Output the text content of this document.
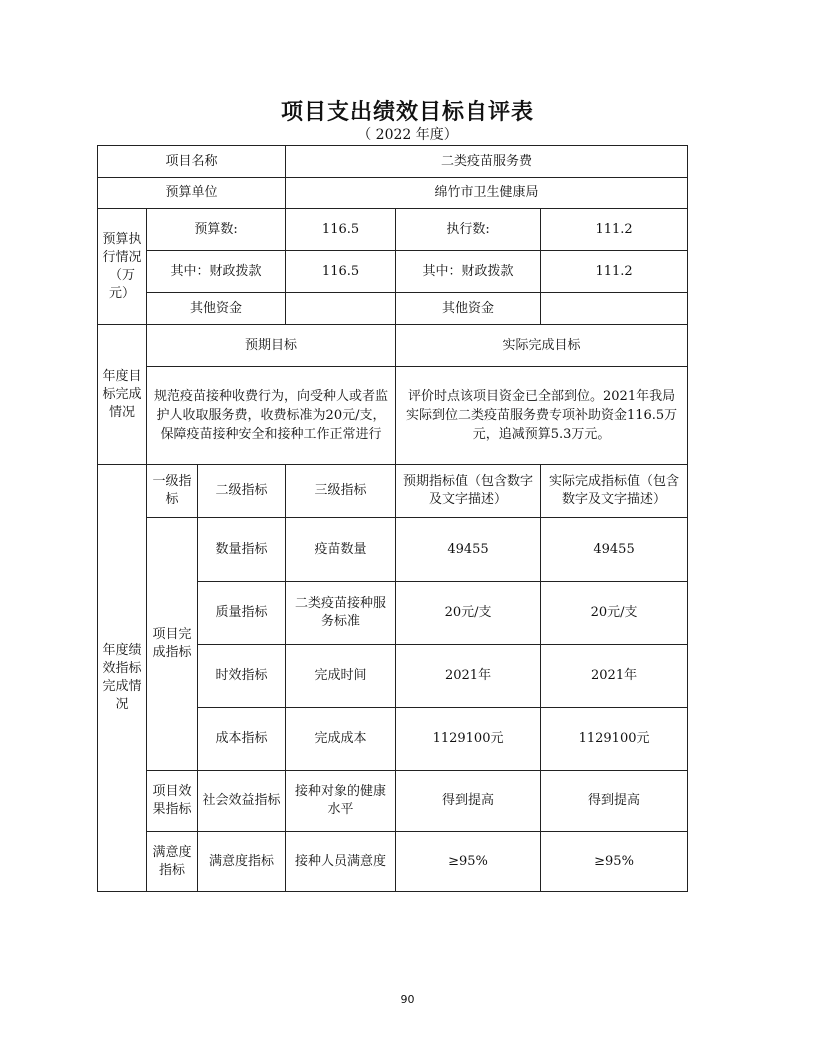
项目支出绩效目标自评表
（ 2022 年度）
项目名称			二类疫苗服务费		
预算单位			绵竹市卫生健康局		
预算执行情况（万元）	预算数:		116.5	执行数:	111.2
	其中：财政拨款		116.5	其中：财政拨款	111.2
	其他资金			其他资金	
年度目标完成情况	预期目标			实际完成目标	
	规范疫苗接种收费行为，向受种人或者监护人收取服务费，收费标准为20元/支，保障疫苗接种安全和接种工作正常进行			评价时点该项目资金已全部到位。2021年我局实际到位二类疫苗服务费专项补助资金116.5万元，追减预算5.3万元。	
年度绩效指标完成情况	一级指标	二级指标	三级指标	预期指标值（包含数字及文字描述）	实际完成指标值（包含数字及文字描述）
	项目完成指标	数量指标	疫苗数量	49455	49455
		质量指标	二类疫苗接种服务标准	20元/支	20元/支
		时效指标	完成时间	2021年	2021年
		成本指标	完成成本	1129100元	1129100元
	项目效果指标	社会效益指标	接种对象的健康水平	得到提高	得到提高
	满意度指标	满意度指标	接种人员满意度	≥95%	≥95%
90
